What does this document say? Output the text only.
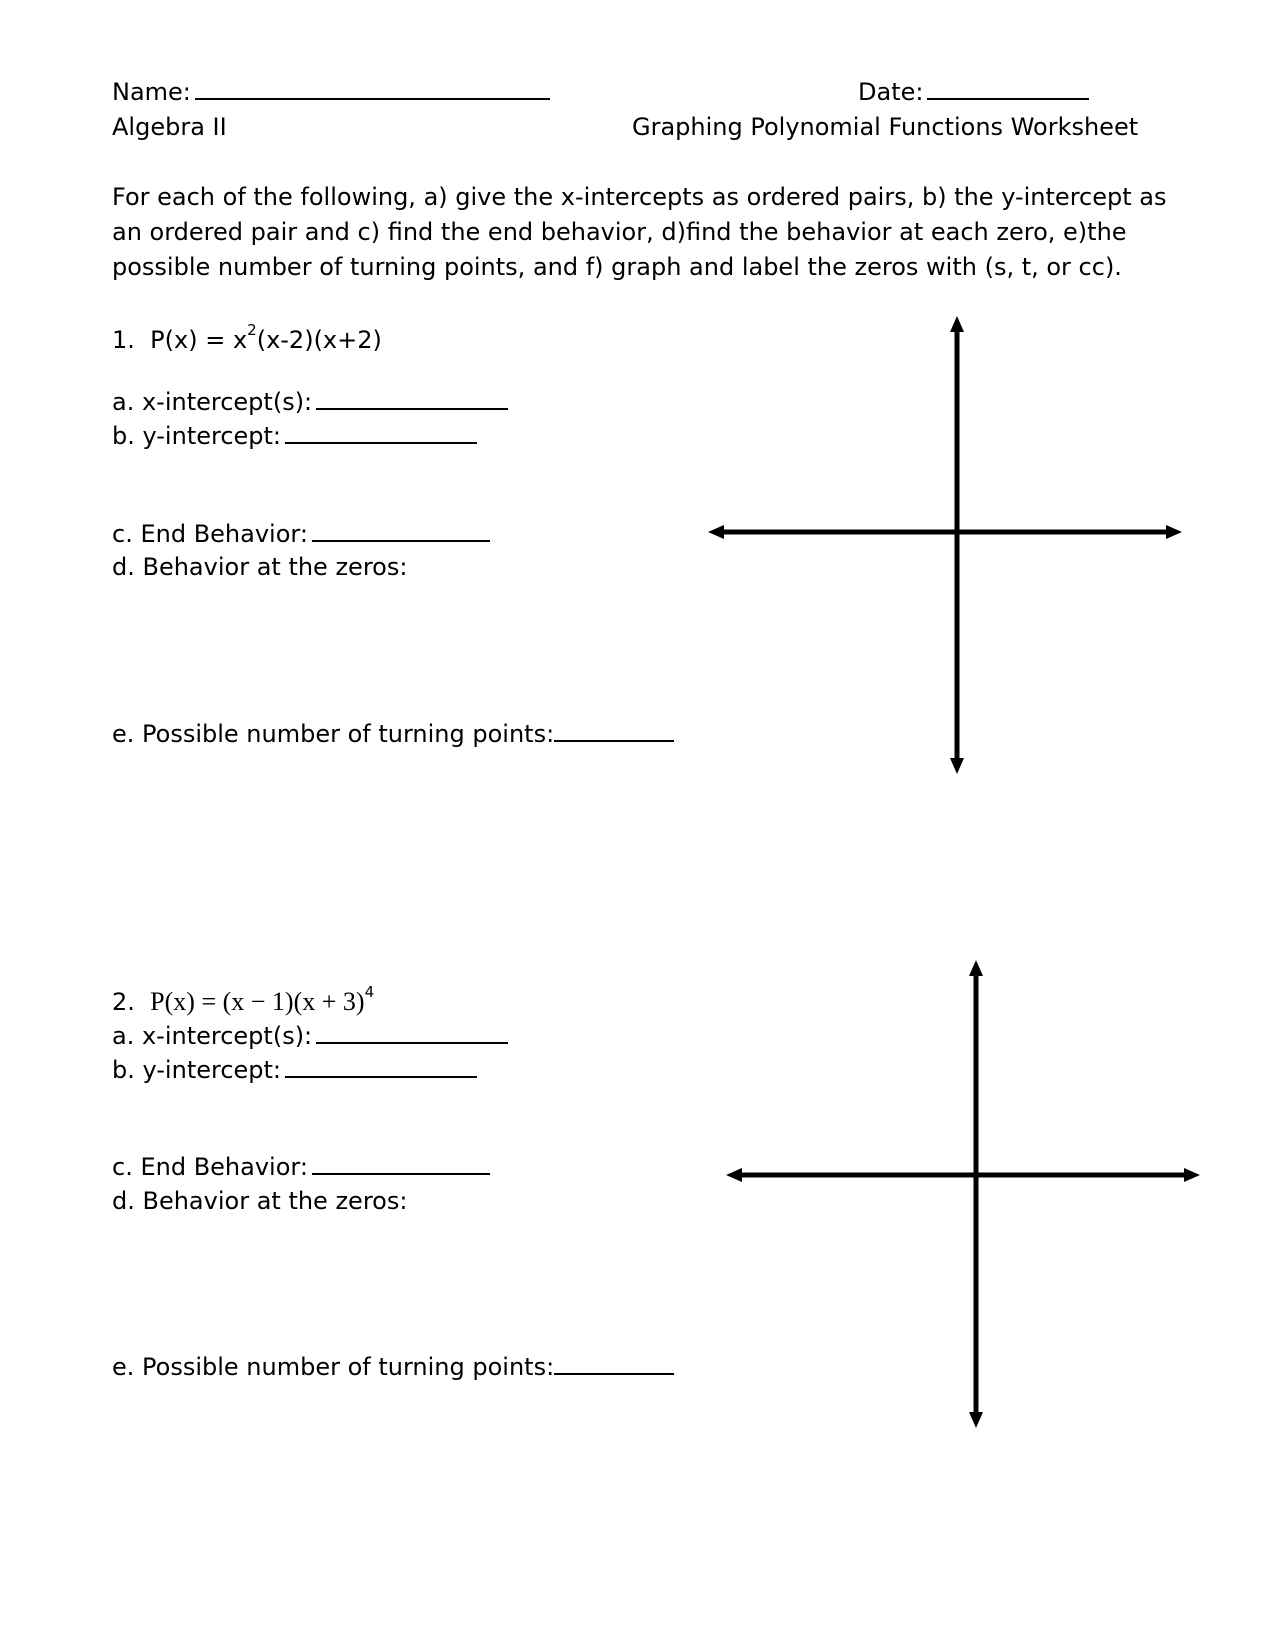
Name:	Date:
Algebra II	Graphing Polynomial Functions Worksheet
For each of the following, a) give the x-intercepts as ordered pairs, b) the y-intercept as
an ordered pair and c) find the end behavior, d)find the behavior at each zero, e)the
possible number of turning points, and f) graph and label the zeros with (s, t, or cc).
1. $P(x) = x^2(x-2)(x+2)$
a. x-intercept(s):
b. y-intercept:
c. End Behavior:
d. Behavior at the zeros:
e. Possible number of turning points:
2. $P(x) = (x - 1)(x + 3)^4$
a. x-intercept(s):
b. y-intercept:
c. End Behavior:
d. Behavior at the zeros:
e. Possible number of turning points:
